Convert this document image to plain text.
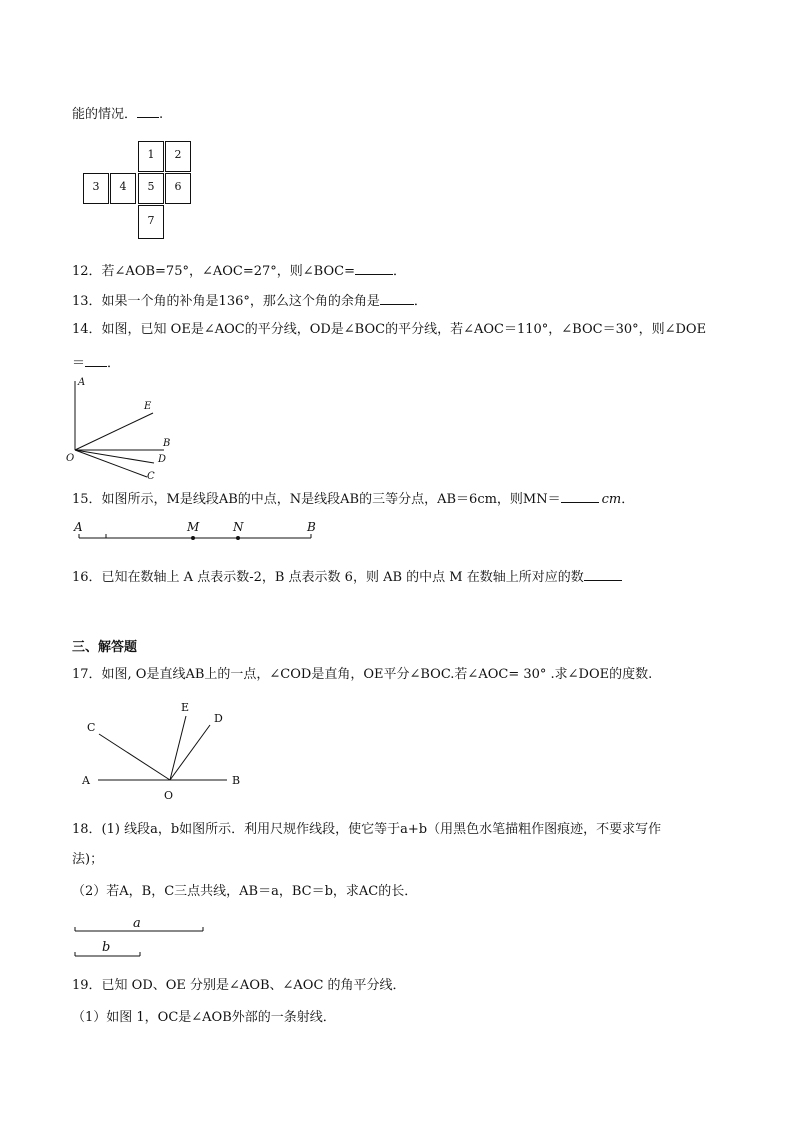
能的情况． .
1	2
3	4	5	6
7
12．若∠AOB=75°，∠AOC=27°，则∠BOC=	．
13．如果一个角的补角是136°，那么这个角的余角是	．
14．如图，已知 OE是∠AOC的平分线，OD是∠BOC的平分线，若∠AOC＝110°，∠BOC＝30°，则∠DOE
＝ ．
A
E
B
D
C
O
15．如图所示，M是线段AB的中点，N是线段AB的三等分点，AB＝6cm，则MN＝	cm．
A	M	N	B
16．已知在数轴上 A 点表示数-2，B 点表示数 6，则 AB 的中点 M 在数轴上所对应的数
三、解答题
17．如图, O是直线AB上的一点，∠COD是直角，OE平分∠BOC.若∠AOC= 30° .求∠DOE的度数.
C
E
D
A	B
O
18．(1) 线段a，b如图所示．利用尺规作线段，使它等于a+b（用黑色水笔描粗作图痕迹，不要求写作
法)；
（2）若A，B，C三点共线，AB＝a，BC＝b，求AC的长．
a
b
19．已知 OD、OE 分别是∠AOB、∠AOC 的角平分线．
（1）如图 1，OC是∠AOB外部的一条射线．
